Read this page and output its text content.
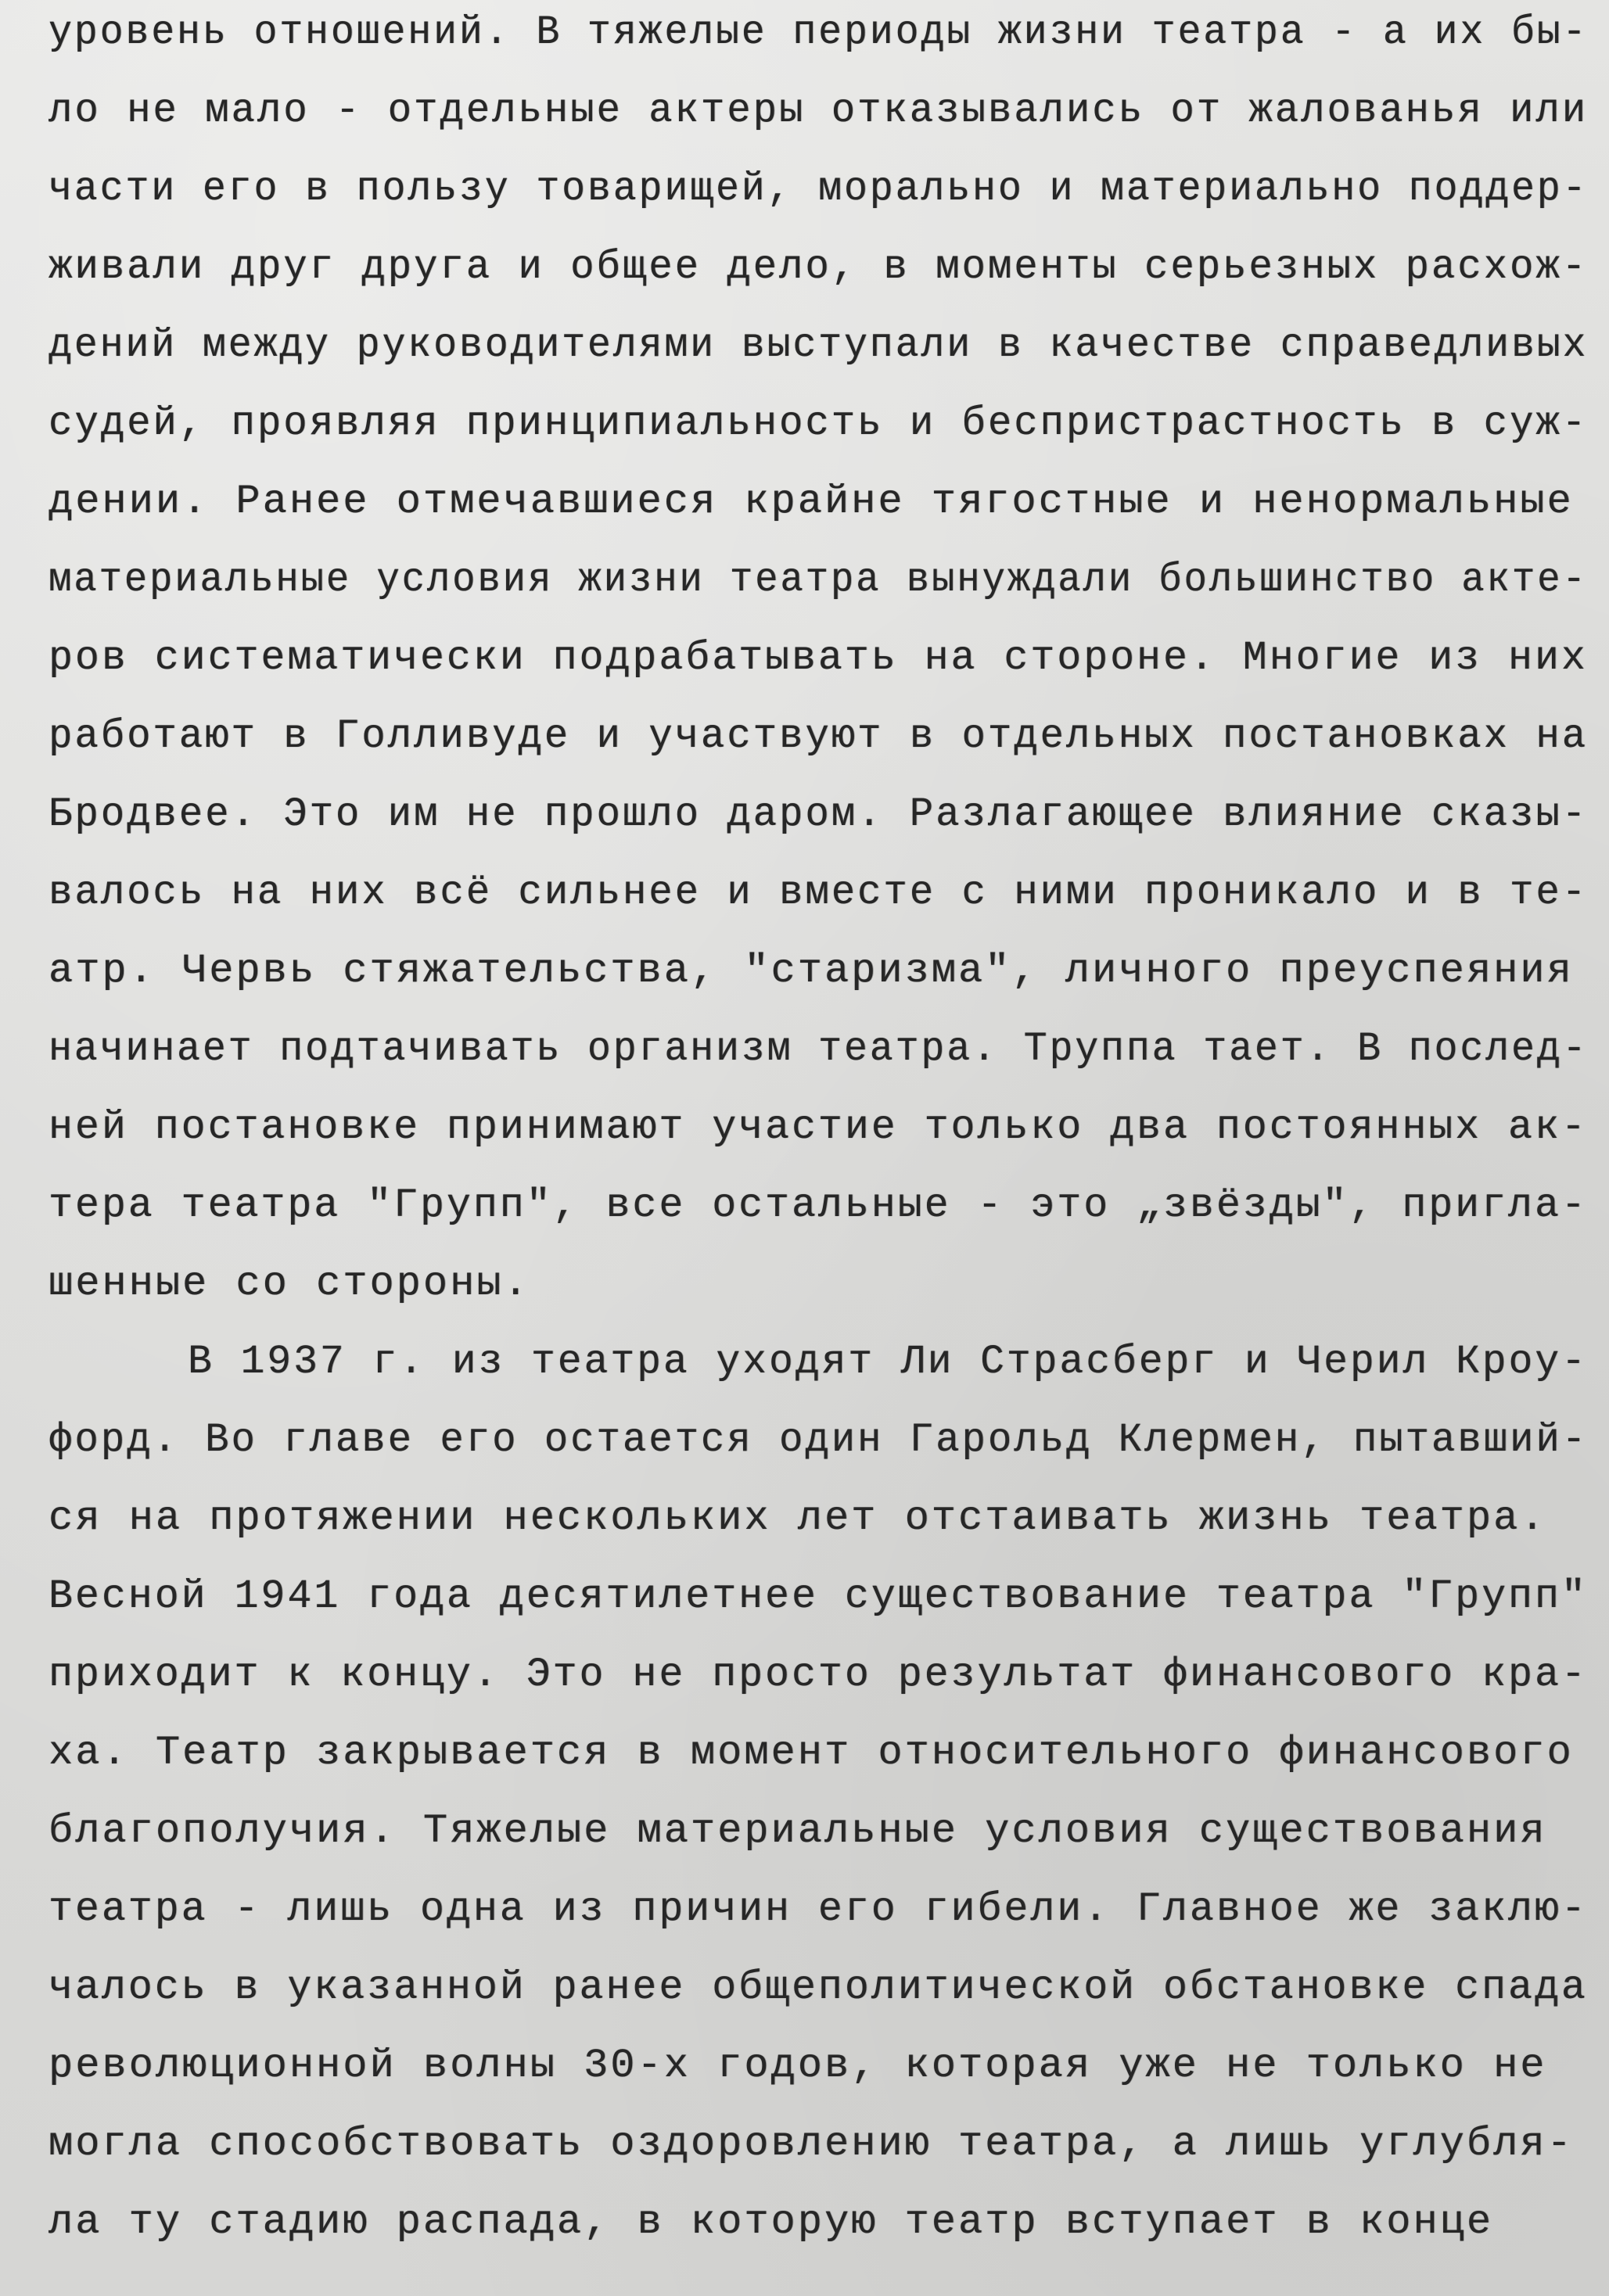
уровень отношений. В тяжелые периоды жизни театра - а их бы-
ло не мало - отдельные актеры отказывались от жалованья или
части его в пользу товарищей, морально и материально поддер-
живали друг друга и общее дело, в моменты серьезных расхож-
дений между руководителями выступали в качестве справедливых
судей, проявляя принципиальность и беспристрастность в суж-
дении. Ранее отмечавшиеся крайне тягостные и ненормальные
материальные условия жизни театра вынуждали большинство акте-
ров систематически подрабатывать на стороне. Многие из них
работают в Голливуде и участвуют в отдельных постановках на
Бродвее. Это им не прошло даром. Разлагающее влияние сказы-
валось на них всё сильнее и вместе с ними проникало и в те-
атр. Червь стяжательства, "старизма", личного преуспеяния
начинает подтачивать организм театра. Труппа тает. В послед-
ней постановке принимают участие только два постоянных ак-
тера театра "Групп", все остальные - это „звёзды", пригла-
шенные со стороны.
В 1937 г. из театра уходят Ли Страсберг и Черил Кроу-
форд. Во главе его остается один Гарольд Клермен, пытавший-
ся на протяжении нескольких лет отстаивать жизнь театра.
Весной 1941 года десятилетнее существование театра "Групп"
приходит к концу. Это не просто результат финансового кра-
ха. Театр закрывается в момент относительного финансового
благополучия. Тяжелые материальные условия существования
театра - лишь одна из причин его гибели. Главное же заклю-
чалось в указанной ранее общеполитической обстановке спада
революционной волны 30-х годов, которая уже не только не
могла способствовать оздоровлению театра, а лишь углубля-
ла ту стадию распада, в которую театр вступает в конце
